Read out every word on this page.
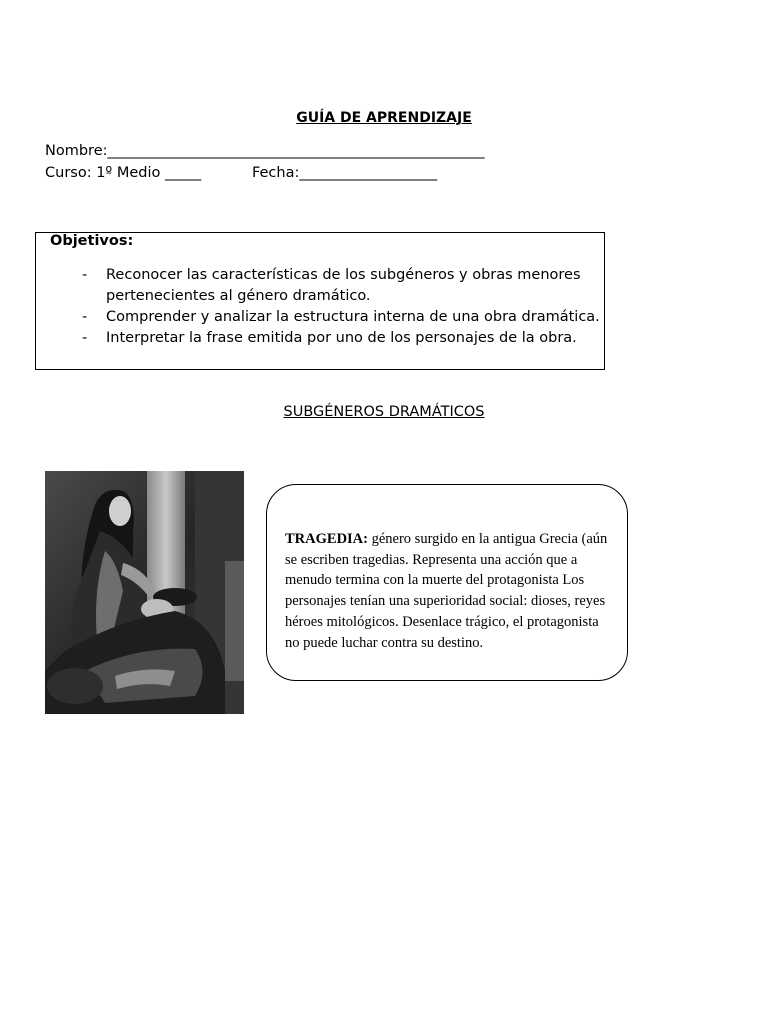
GUÍA DE APRENDIZAJE
Nombre:____________________________________________________
Curso: 1º Medio _____           Fecha:___________________
Objetivos:
- Reconocer las características de los subgéneros y obras menores pertenecientes al género dramático.
- Comprender y analizar la estructura interna de una obra dramática.
- Interpretar la frase emitida por uno de los personajes de la obra.
SUBGÉNEROS DRAMÁTICOS
TRAGEDIA: género surgido en la antigua Grecia (aún se escriben tragedias. Representa una acción que a menudo termina con la muerte del protagonista Los personajes tenían una superioridad social: dioses, reyes héroes mitológicos. Desenlace trágico, el protagonista no puede luchar contra su destino.
